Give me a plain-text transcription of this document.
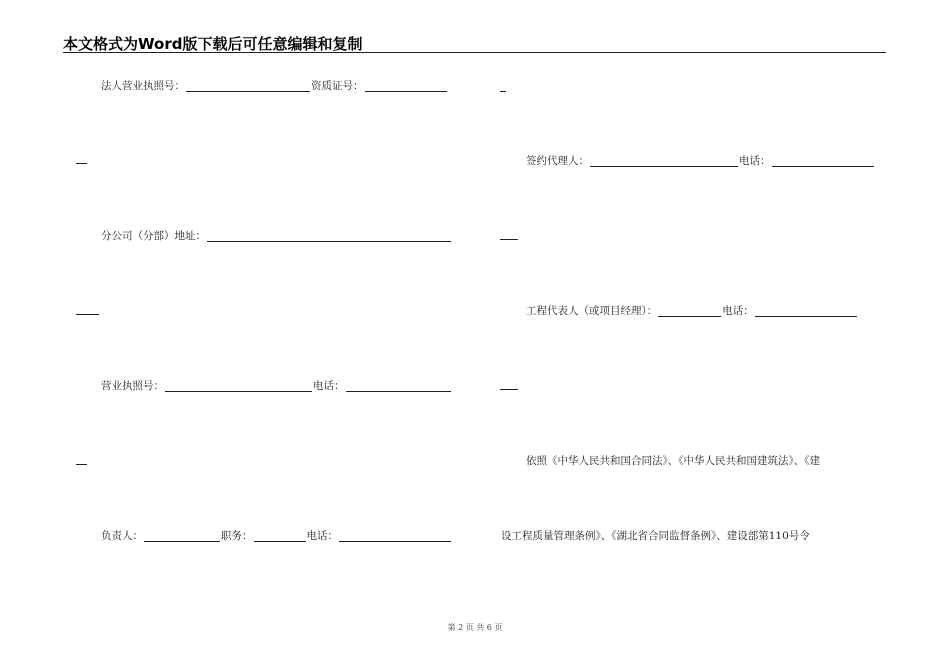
本文格式为Word版下载后可任意编辑和复制
法人营业执照号：	资质证号：
分公司（分部）地址：
营业执照号：	电话：
负责人：	职务：	电话：
签约代理人：	电话：
工程代表人（或项目经理）：	电话：
依照《中华人民共和国合同法》、《中华人民共和国建筑法》、《建
设工程质量管理条例》、《湖北省合同监督条例》、建设部第110号令
第 2 页 共 6 页
